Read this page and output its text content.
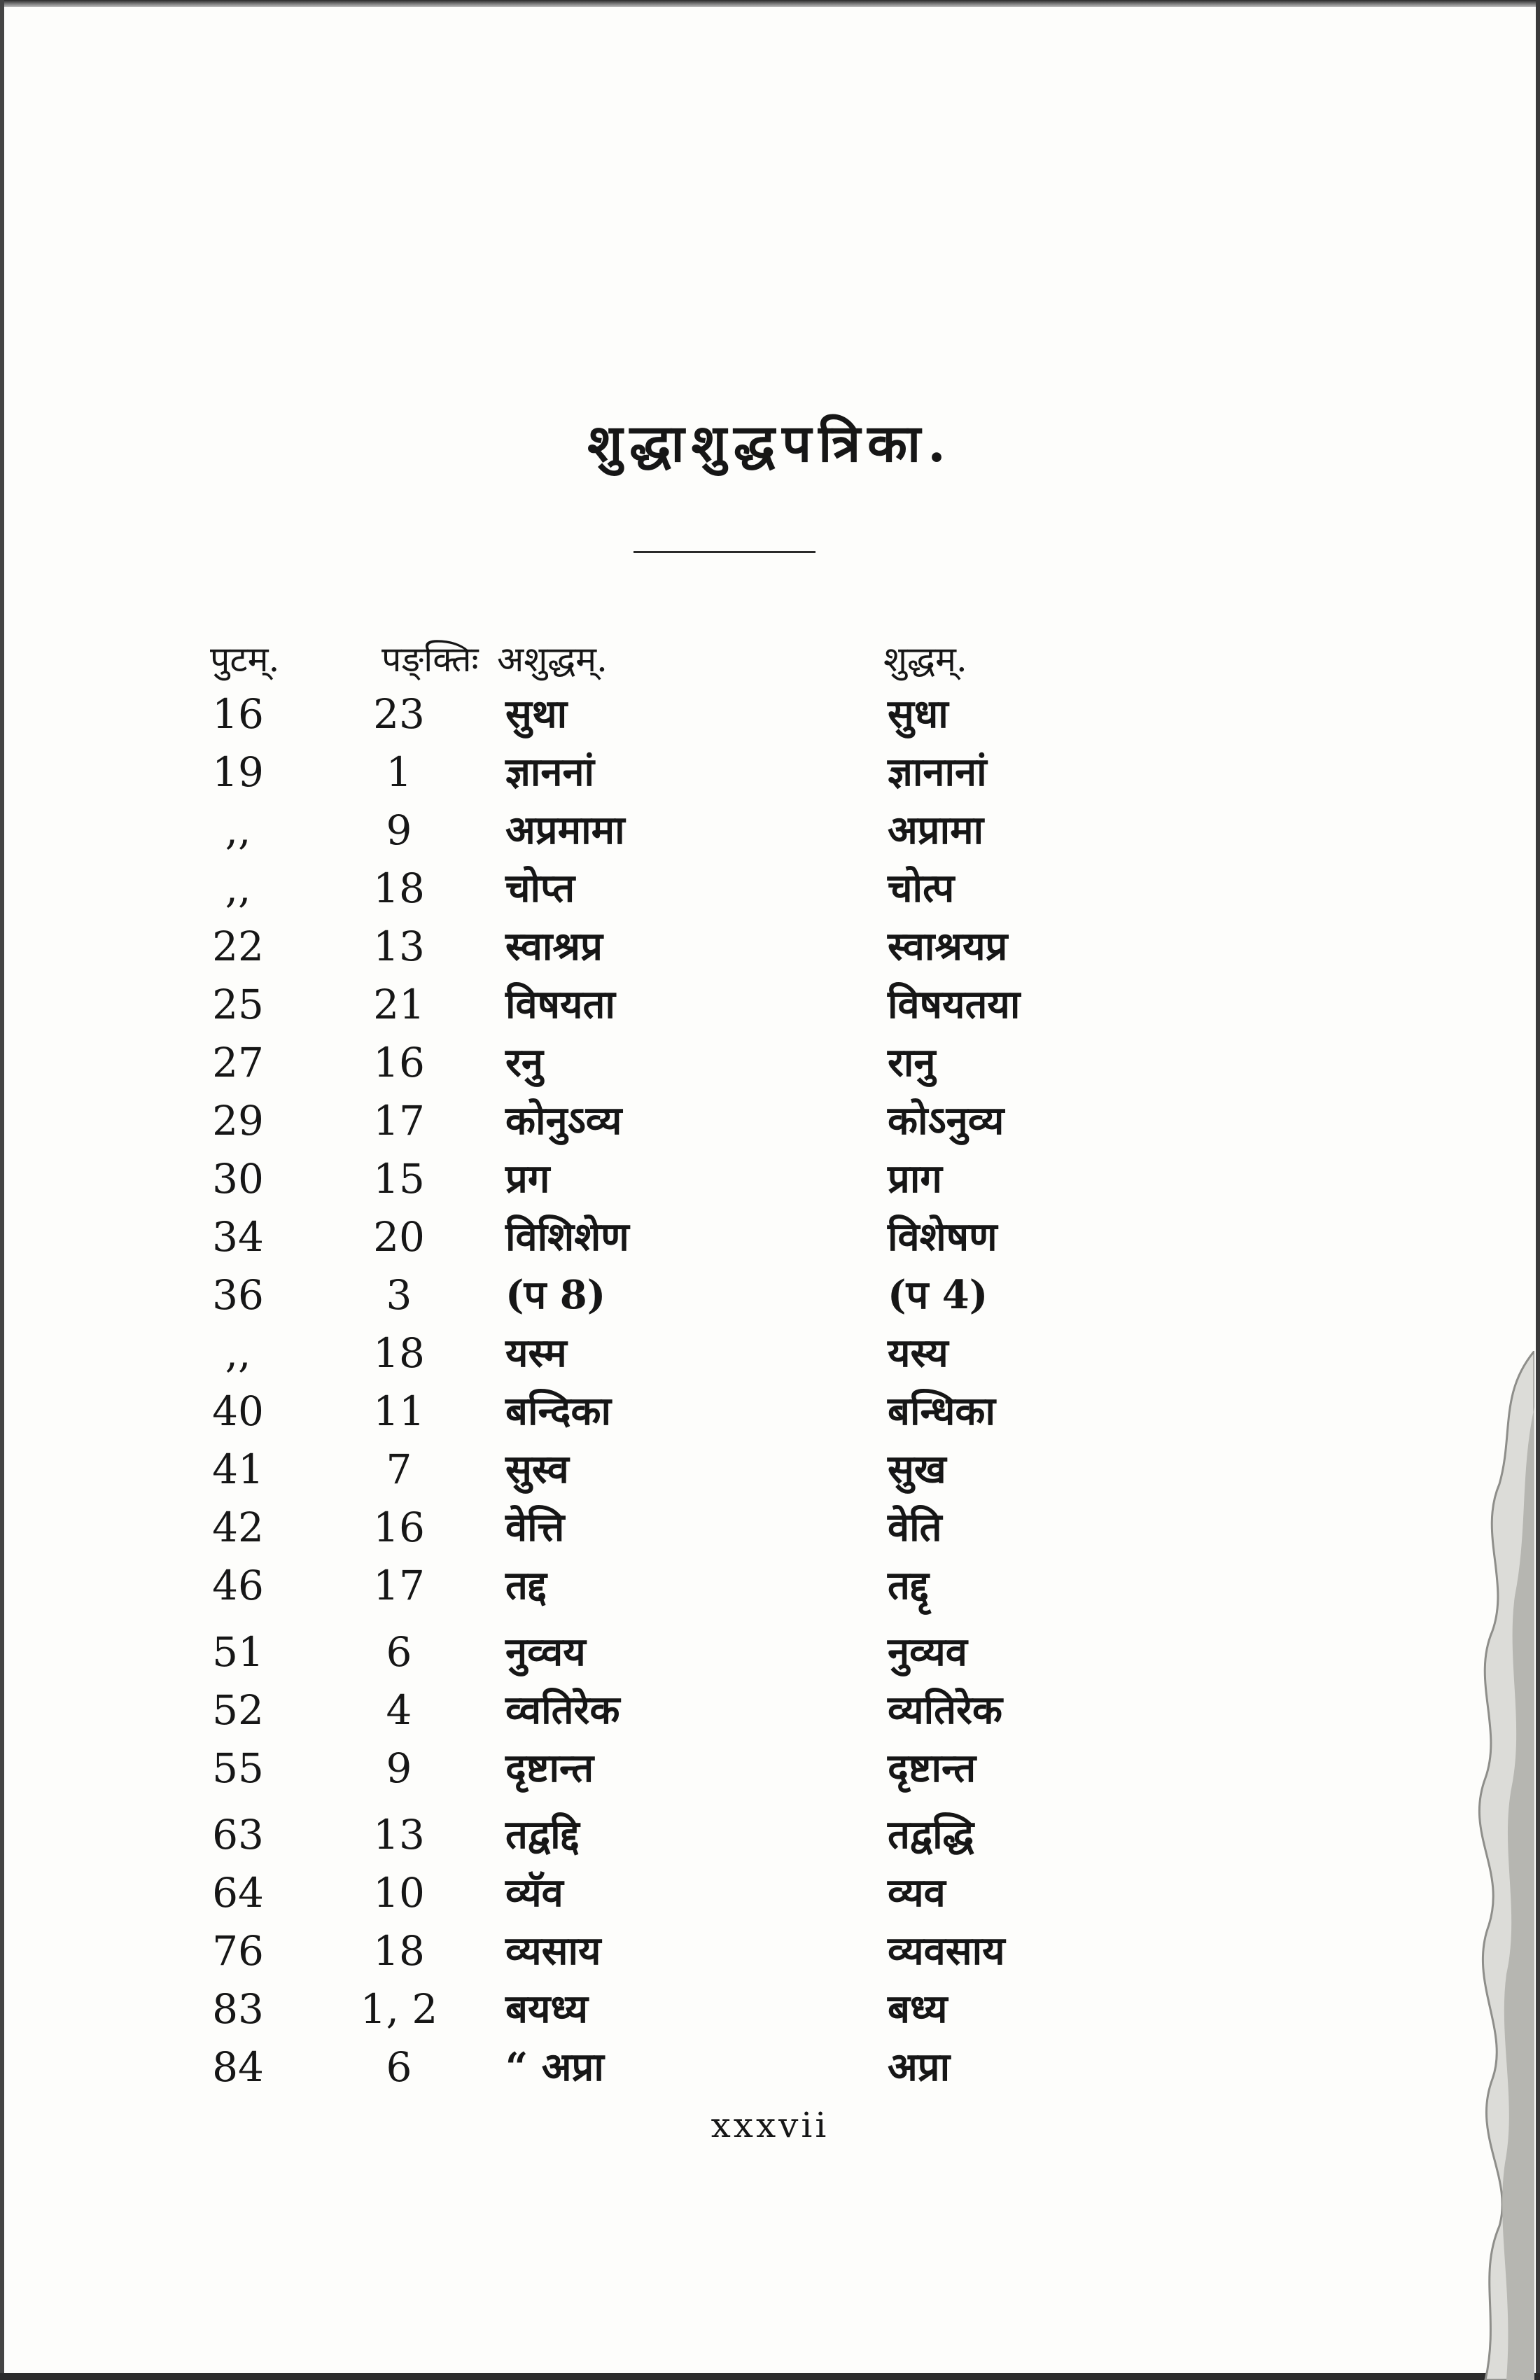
शुद्धाशुद्धपत्रिका.
पुटम्.	पङ्क्तिः अशुद्धम्.	शुद्धम्.
16	23	सुथा	सुधा
19	1	ज्ञाननां	ज्ञानानां
,,	9	अप्रमामा	अप्रामा
,,	18	चोप्त	चोत्प
22	13	स्वाश्रप्र	स्वाश्रयप्र
25	21	विषयता	विषयतया
27	16	रनु	रानु
29	17	कोनुऽव्य	कोऽनुव्य
30	15	प्रग	प्राग
34	20	विशिशेण	विशेषण
36	3	(प 8)	(प 4)
,,	18	यस्म	यस्य
40	11	बन्दिका	बन्धिका
41	7	सुस्व	सुख
42	16	वेत्ति	वेति
46	17	तद्द	तद्दृ
51	6	नुव्वय	नुव्यव
52	4	व्वतिरेक	व्यतिरेक
55	9	दृष्टान्त	दृष्टान्त
63	13	तद्वद्दि	तद्वद्धि
64	10	व्यॅव	व्यव
76	18	व्यसाय	व्यवसाय
83	1, 2	बयध्य	बध्य
84	6	“ अप्रा	अप्रा
xxxvii
